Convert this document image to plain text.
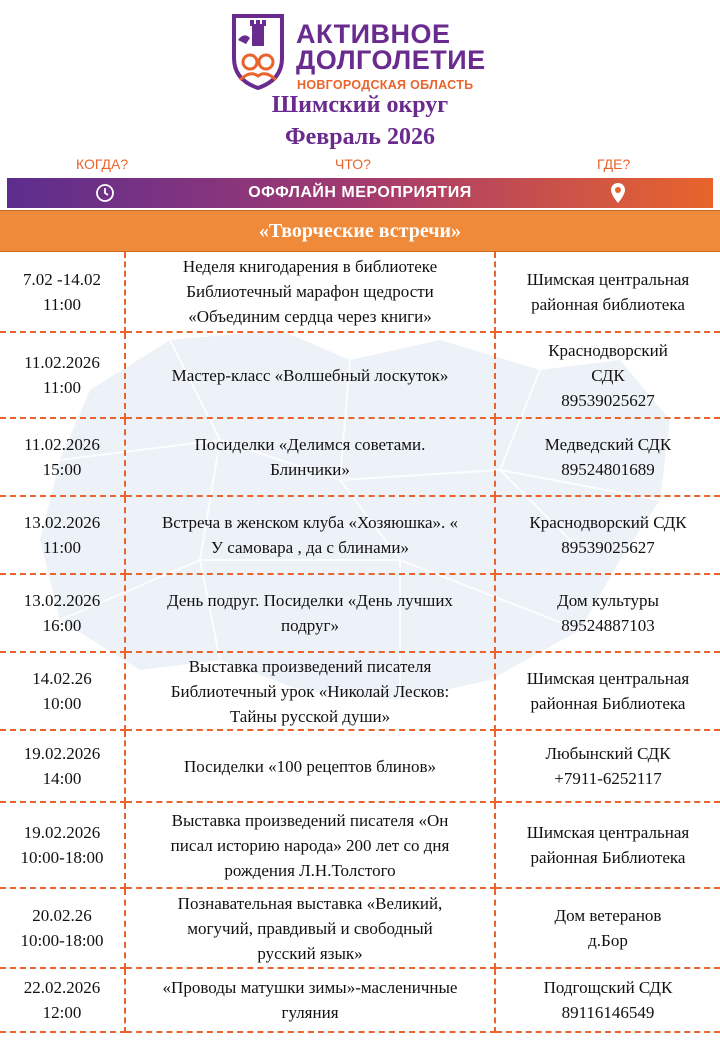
АКТИВНОЕ
ДОЛГОЛЕТИЕ
НОВГОРОДСКАЯ ОБЛАСТЬ
Шимский округ
Февраль 2026
КОГДА?	ЧТО?	ГДЕ?
ОФФЛАЙН МЕРОПРИЯТИЯ
«Творческие встречи»
7.02 -14.02
11:00	Неделя книгодарения в библиотеке
Библиотечный марафон щедрости
«Объединим сердца через книги»	Шимская центральная
районная библиотека

11.02.2026
11:00	Мастер-класс «Волшебный лоскуток»	Краснодворский
СДК
89539025627

11.02.2026
15:00	Посиделки «Делимся советами.
Блинчики»	Медведский СДК
89524801689

13.02.2026
11:00	Встреча в женском клуба «Хозяюшка». «
У самовара , да с блинами»	Краснодворский СДК
89539025627

13.02.2026
16:00	День подруг. Посиделки «День лучших
подруг»	Дом культуры
89524887103

14.02.26
10:00	Выставка произведений писателя
Библиотечный урок «Николай Лесков:
Тайны русской души»	Шимская центральная
районная Библиотека

19.02.2026
14:00	Посиделки «100 рецептов блинов»	Любынский СДК
+7911-6252117

19.02.2026
10:00-18:00	Выставка произведений писателя «Он
писал историю народа» 200 лет со дня
рождения Л.Н.Толстого	Шимская центральная
районная Библиотека

20.02.26
10:00-18:00	Познавательная выставка «Великий,
могучий, правдивый и свободный
русский язык»	Дом ветеранов
д.Бор

22.02.2026
12:00	«Проводы матушки зимы»-масленичные
гуляния	Подгощский СДК
89116146549
